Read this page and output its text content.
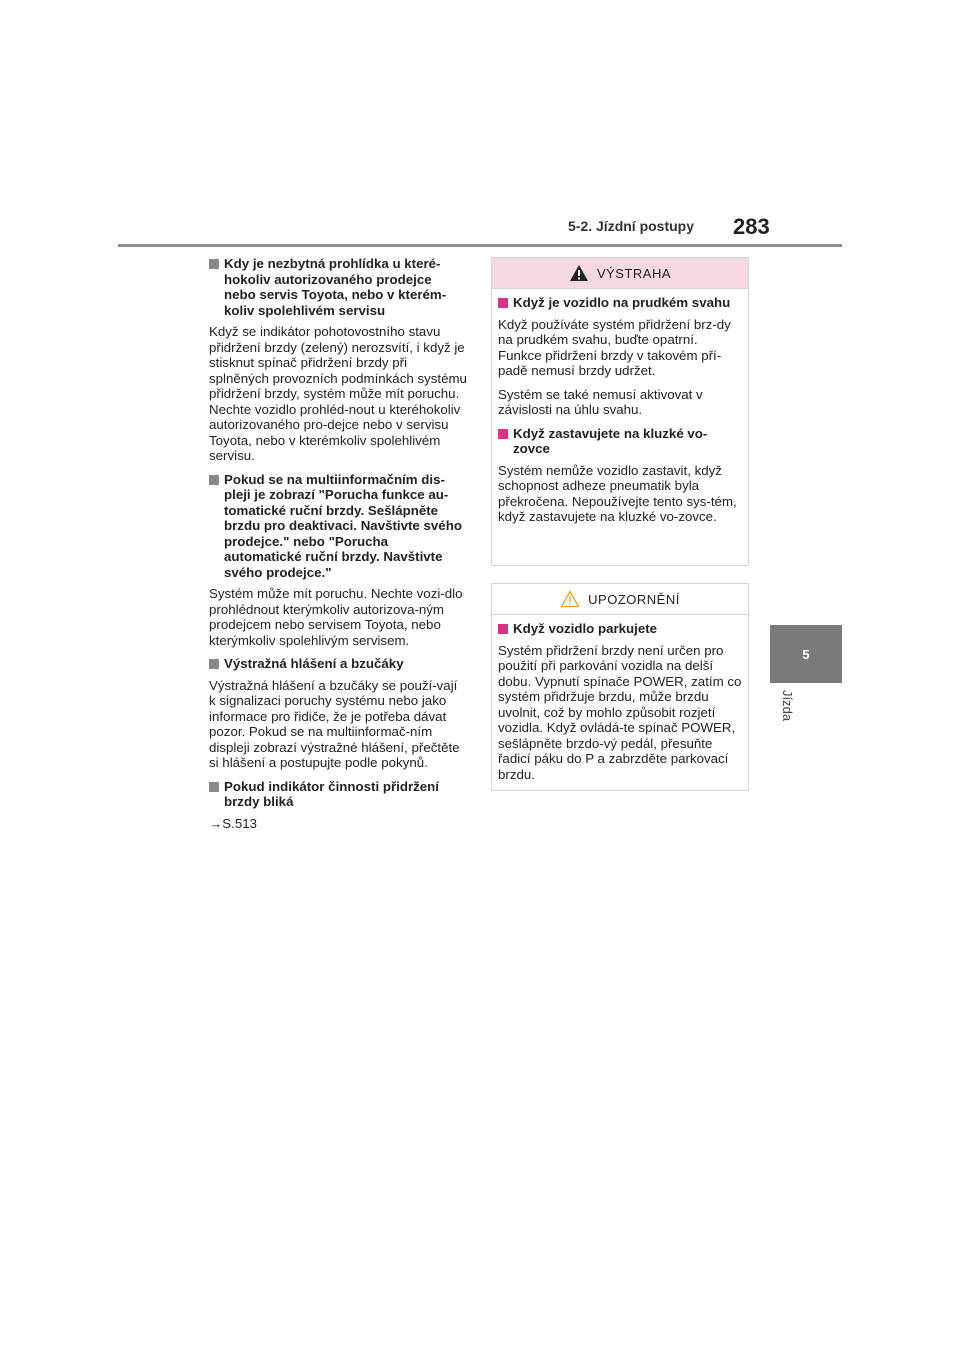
5-2. Jízdní postupy 283
5
Jízda
Kdy je nezbytná prohlídka u které-hokoliv autorizovaného prodejce nebo servis Toyota, nebo v kterém-koliv spolehlivém servisu

Když se indikátor pohotovostního stavu přidržení brzdy (zelený) nerozsvítí, i když je stisknut spínač přidržení brzdy při splněných provozních podmínkách systému přidržení brzdy, systém může mít poruchu. Nechte vozidlo prohléd-nout u kteréhokoliv autorizovaného pro-dejce nebo v servisu Toyota, nebo v kterémkoliv spolehlivém servisu.

Pokud se na multiinformačním dis-pleji je zobrazí "Porucha funkce au-tomatické ruční brzdy. Sešlápněte brzdu pro deaktivaci. Navštivte svého prodejce." nebo "Porucha automatické ruční brzdy. Navštivte svého prodejce."

Systém může mít poruchu. Nechte vozi-dlo prohlédnout kterýmkoliv autorizova-ným prodejcem nebo servisem Toyota, nebo kterýmkoliv spolehlivým servisem.

Výstražná hlášení a bzučáky

Výstražná hlášení a bzučáky se použí-vají k signalizaci poruchy systému nebo jako informace pro řidiče, že je potřeba dávat pozor. Pokud se na multiinformač-ním displeji zobrazí výstražné hlášení, přečtěte si hlášení a postupujte podle pokynů.

Pokud indikátor činnosti přidržení brzdy bliká
→S.513
VÝSTRAHA
Když je vozidlo na prudkém svahu

Když používáte systém přidržení brz-dy na prudkém svahu, buďte opatrní. Funkce přidržení brzdy v takovém pří-padě nemusí brzdy udržet.

Systém se také nemusí aktivovat v závislosti na úhlu svahu.

Když zastavujete na kluzké vo-zovce

Systém nemůže vozidlo zastavit, když schopnost adheze pneumatik byla překročena. Nepoužívejte tento sys-tém, když zastavujete na kluzké vo-zovce.

UPOZORNĚNÍ
Když vozidlo parkujete

Systém přidržení brzdy není určen pro použití při parkování vozidla na delší dobu. Vypnutí spínače POWER, zatím co systém přidržuje brzdu, může brzdu uvolnit, což by mohlo způsobit rozjetí vozidla. Když ovládá-te spínač POWER, sešlápněte brzdo-vý pedál, přesuňte řadicí páku do P a zabrzděte parkovací brzdu.
